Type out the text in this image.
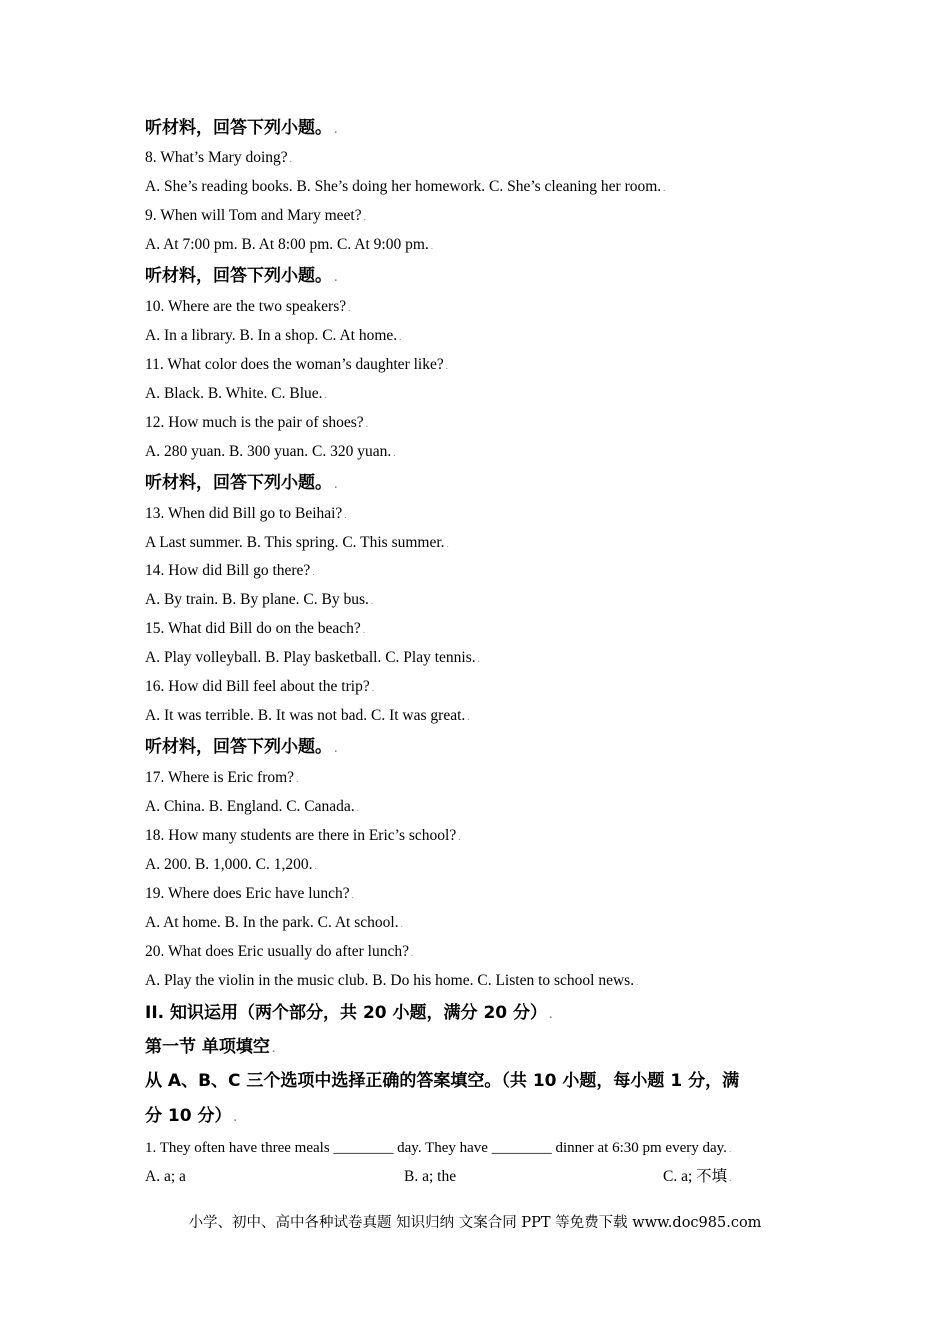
听材料，回答下列小题。 .
8. What’s Mary doing? .
A. She’s reading books. B. She’s doing her homework. C. She’s cleaning her room. .
9. When will Tom and Mary meet? .
A. At 7:00 pm. B. At 8:00 pm. C. At 9:00 pm. .
听材料，回答下列小题。 .
10. Where are the two speakers? .
A. In a library. B. In a shop. C. At home. .
11. What color does the woman’s daughter like? .
A. Black. B. White. C. Blue. .
12. How much is the pair of shoes? .
A. 280 yuan. B. 300 yuan. C. 320 yuan. .
听材料，回答下列小题。 .
13. When did Bill go to Beihai? .
A Last summer. B. This spring. C. This summer. .
14. How did Bill go there? .
A. By train. B. By plane. C. By bus. .
15. What did Bill do on the beach? .
A. Play volleyball. B. Play basketball. C. Play tennis. .
16. How did Bill feel about the trip? .
A. It was terrible. B. It was not bad. C. It was great. .
听材料，回答下列小题。 .
17. Where is Eric from? .
A. China. B. England. C. Canada. .
18. How many students are there in Eric’s school? .
A. 200. B. 1,000. C. 1,200. .
19. Where does Eric have lunch? .
A. At home. B. In the park. C. At school. .
20. What does Eric usually do after lunch? .
A. Play the violin in the music club. B. Do his home. C. Listen to school news. .
II. 知识运用（两个部分，共 20 小题，满分 20 分） .
第一节 单项填空 .
从 A、B、C 三个选项中选择正确的答案填空。（共 10 小题，每小题 1 分，满
分 10 分） .
1. They often have three meals ________ day. They have ________ dinner at 6:30 pm every day. .
A. a; a	B. a; the	C. a; 不填 .
小学、初中、高中各种试卷真题 知识归纳 文案合同 PPT 等免费下载 www.doc985.com
